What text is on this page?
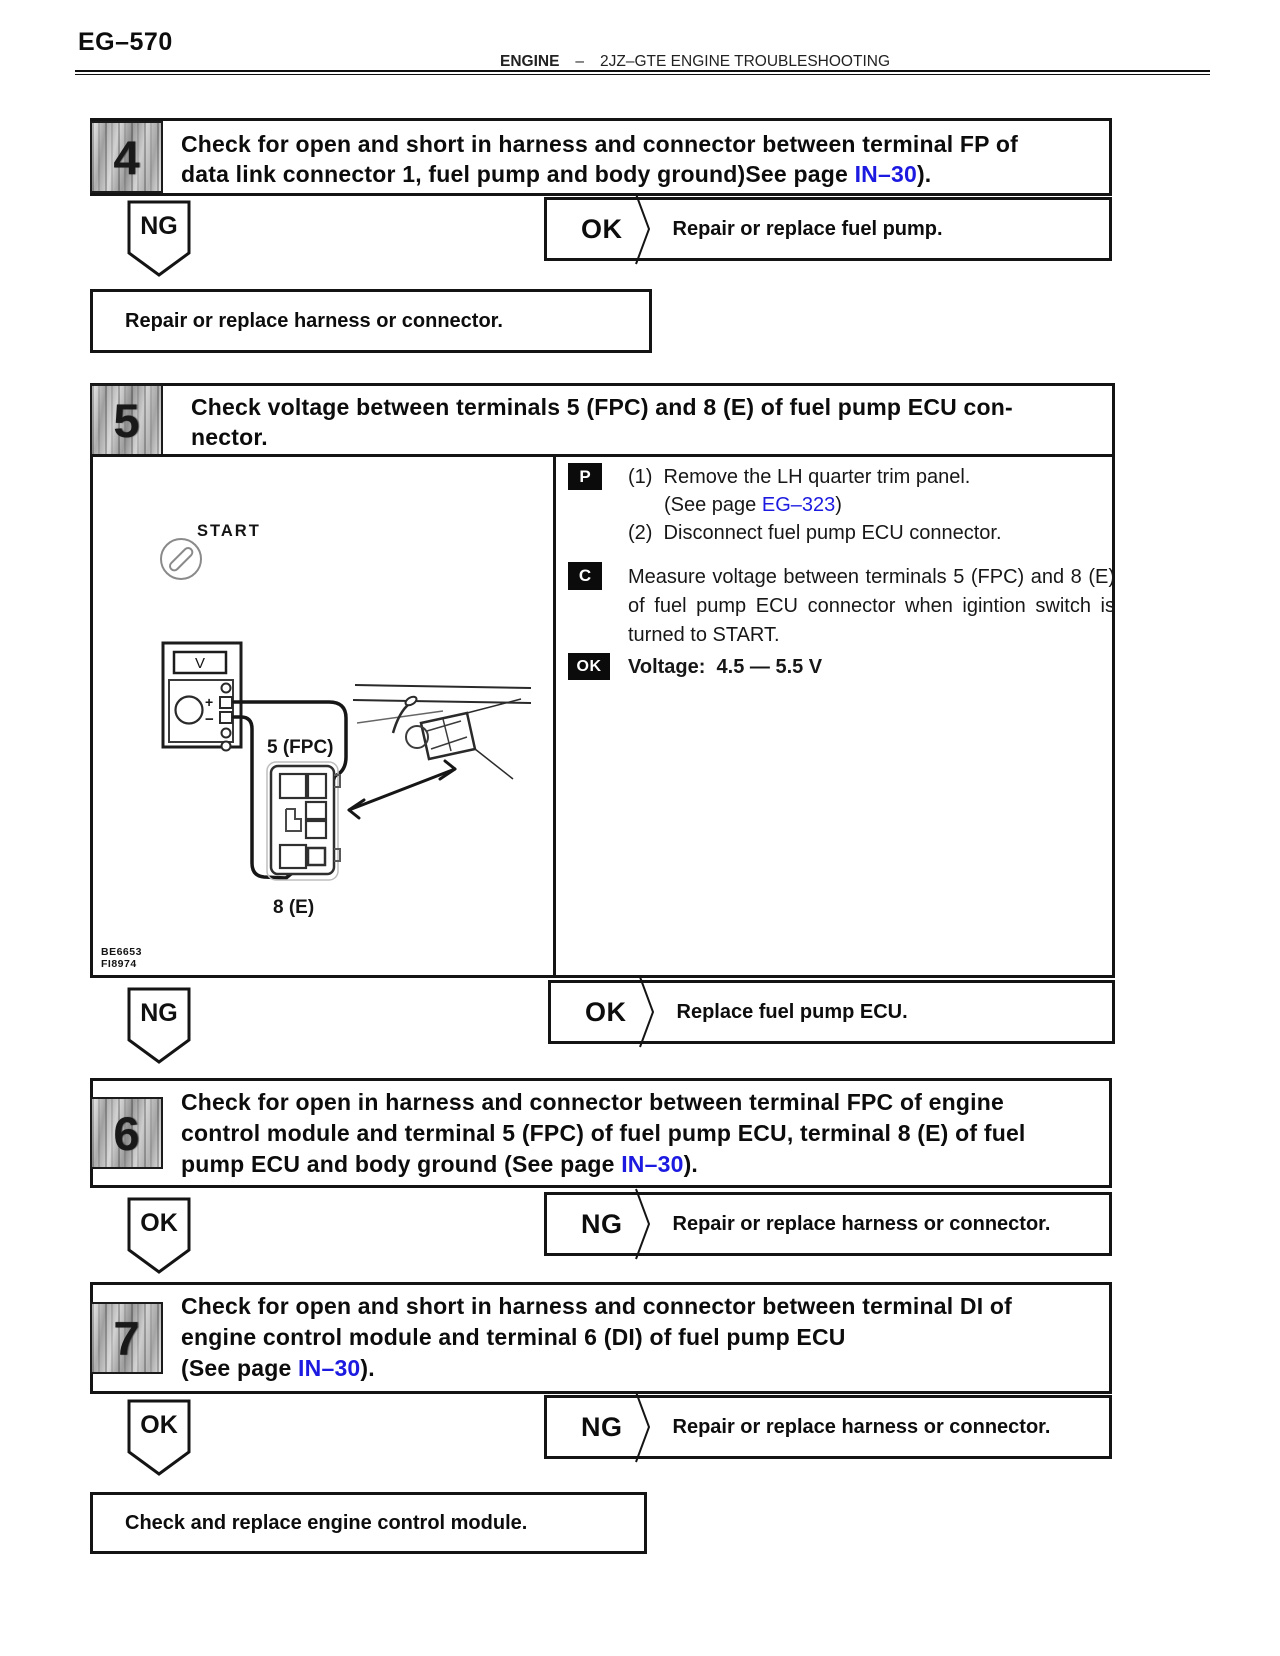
EG–570
ENGINE – 2JZ–GTE ENGINE TROUBLESHOOTING
4 Check for open and short in harness and connector between terminal FP of
data link connector 1, fuel pump and body ground)See page IN–30).
NG	OK	Repair or replace fuel pump.
Repair or replace harness or connector.
5 Check voltage between terminals 5 (FPC) and 8 (E) of fuel pump ECU con-
nector.
START
V
+
−
5 (FPC)
8 (E)
BE6653
FI8974
P	(1)  Remove the LH quarter trim panel.
(See page EG–323)
(2)  Disconnect fuel pump ECU connector.
C	Measure voltage between terminals 5 (FPC) and 8 (E) of fuel pump ECU connector when igintion switch is turned to START.
OK	Voltage:  4.5 — 5.5 V
OK	Replace fuel pump ECU.
NG
6
Check for open in harness and connector between terminal FPC of engine
control module and terminal 5 (FPC) of fuel pump ECU, terminal 8 (E) of fuel
pump ECU and body ground (See page IN–30).
OK	NG	Repair or replace harness or connector.
7
Check for open and short in harness and connector between terminal DI of
engine control module and terminal 6 (DI) of fuel pump ECU
(See page IN–30).
OK	NG	Repair or replace harness or connector.
Check and replace engine control module.
